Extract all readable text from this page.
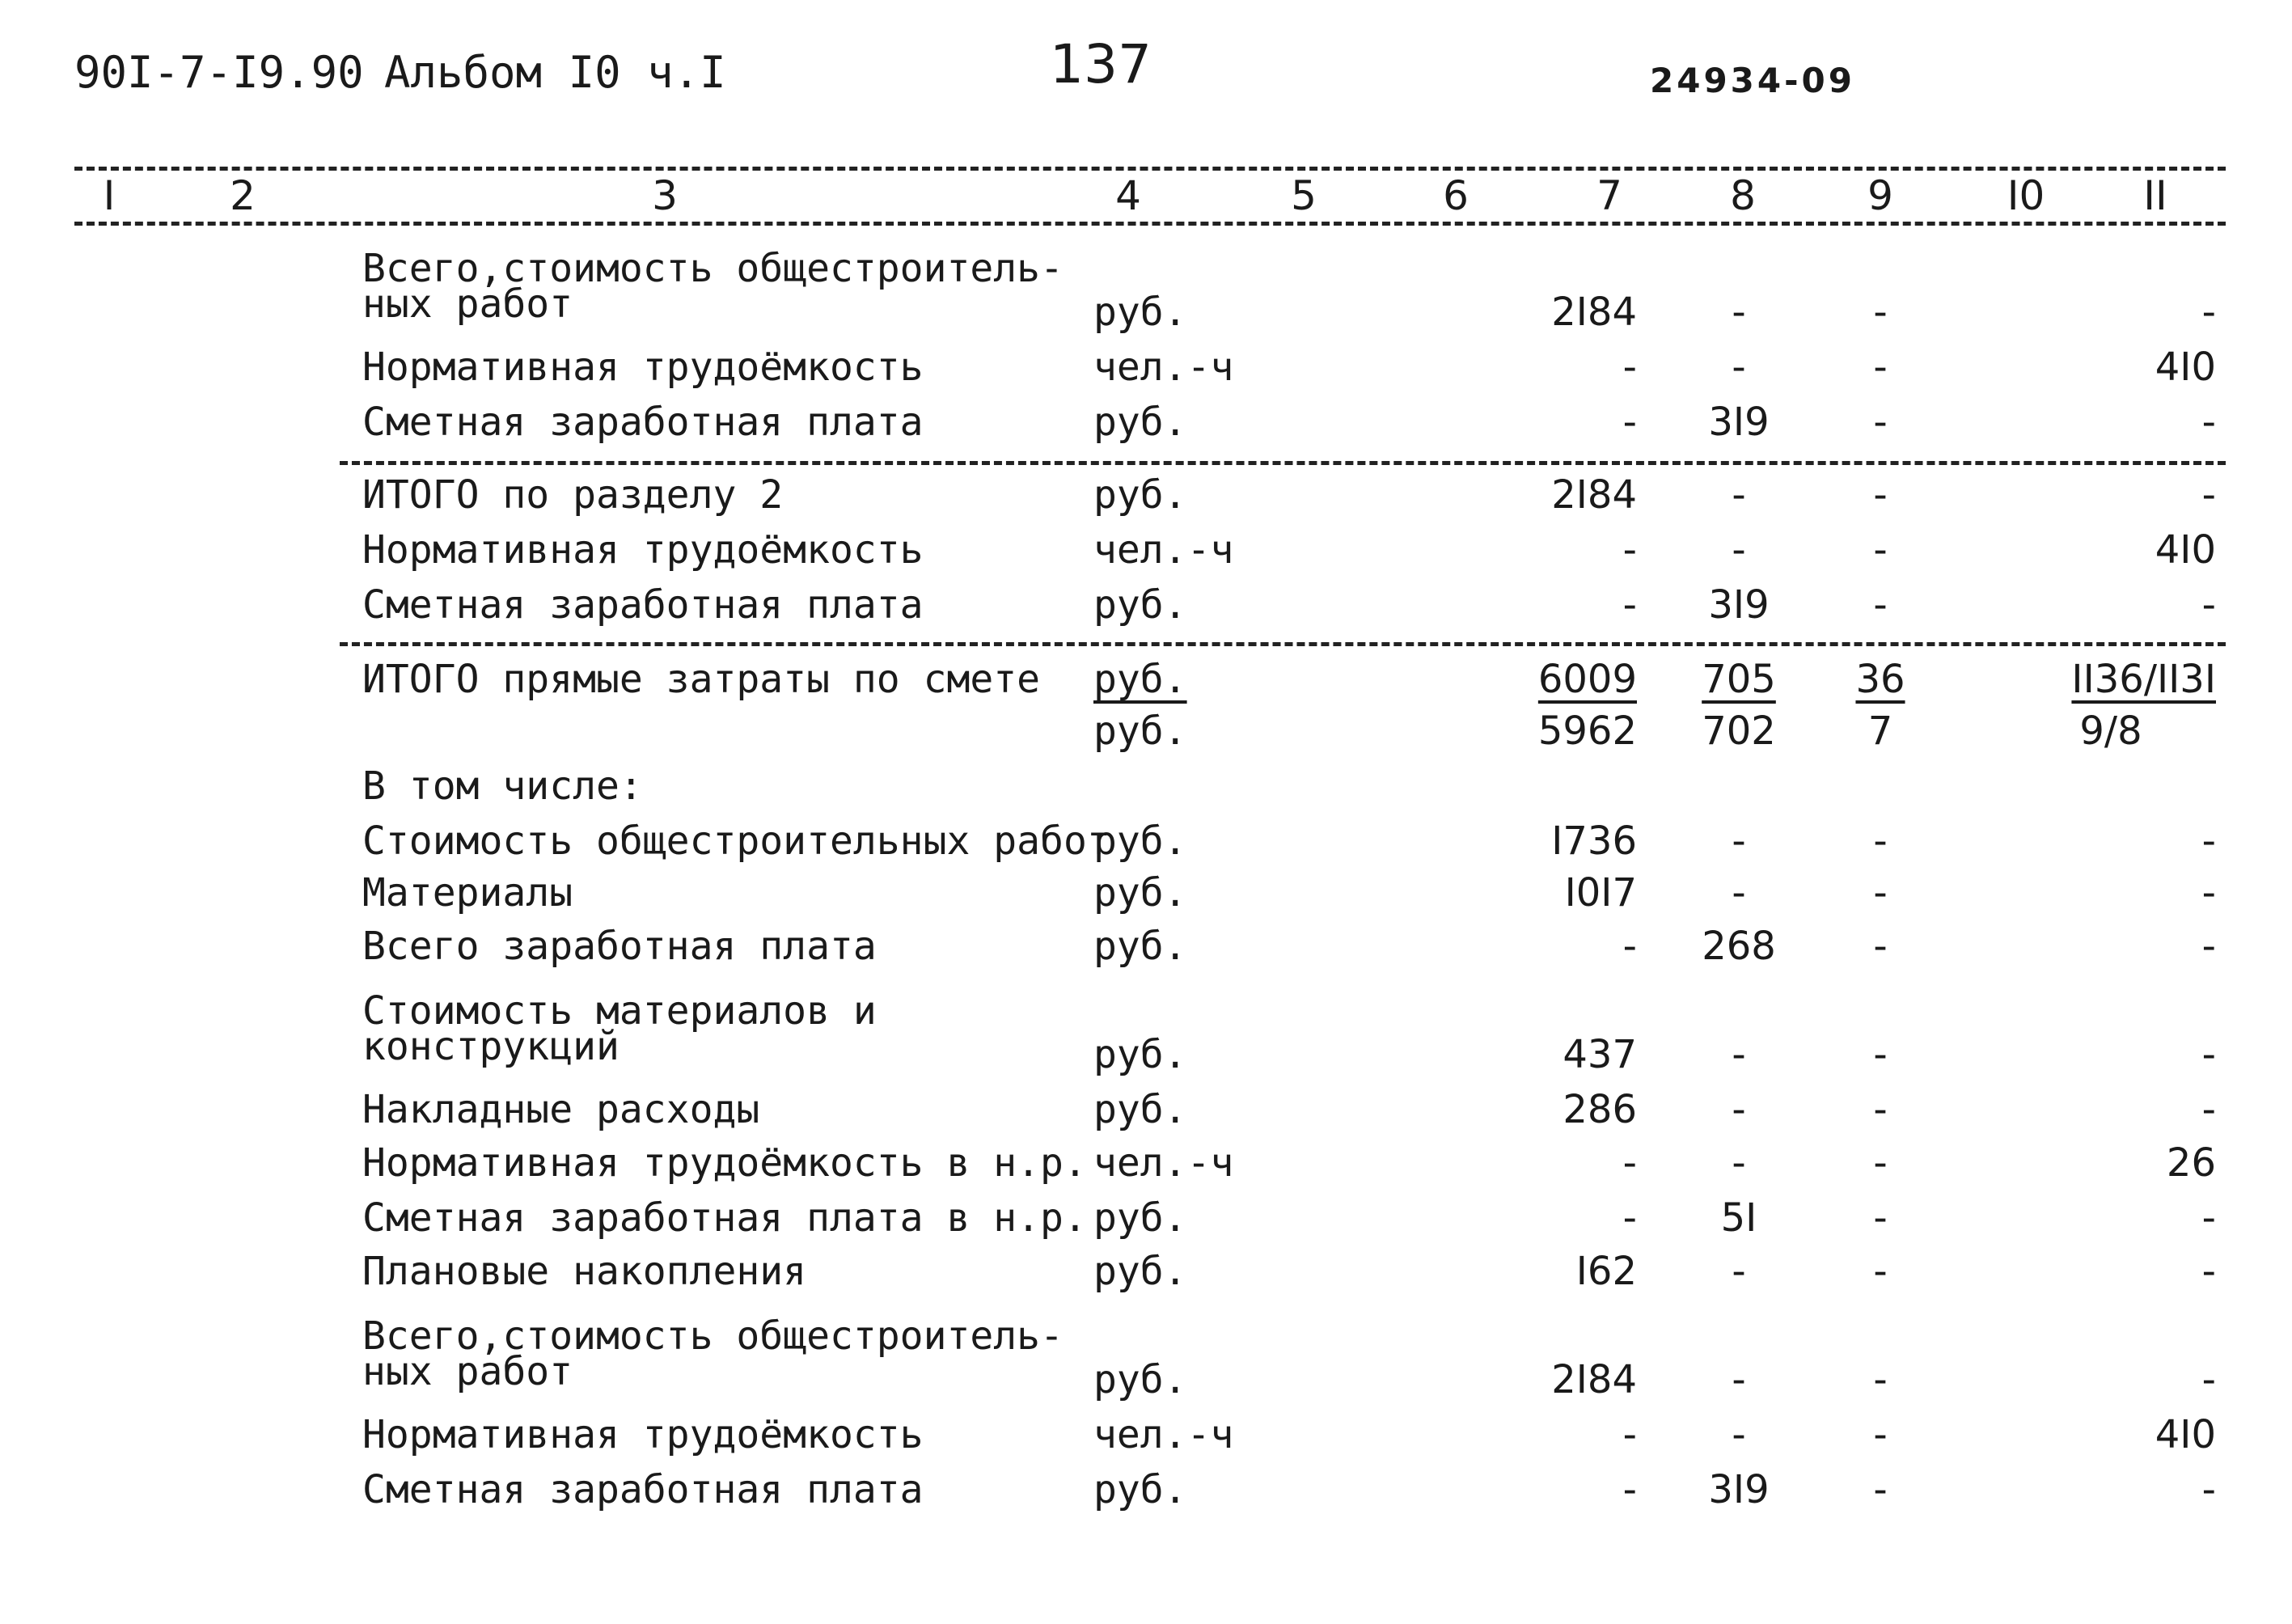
90I-7-I9.90 Альбом I0 ч.I	137	24934-09
I	2	3	4	5	6	7	8	9	I0	II
Всего,стоимость общестроитель-
ных работ	руб.	2I84	-	-	-
Нормативная трудоёмкость	чел.-ч	-	-	-	4I0
Сметная заработная плата	руб.	-	3I9	-	-
ИТОГО по разделу 2	руб.	2I84	-	-	-
Нормативная трудоёмкость	чел.-ч	-	-	-	4I0
Сметная заработная плата	руб.	-	3I9	-	-
ИТОГО прямые затраты по смете руб.	6009	705	36	II36/II3I
руб.	5962	702	7	9/8
В том числе:
Стоимость общестроительных работ
руб.	I736	-	-	-
Материалы	руб.	I0I7	-	-	-
Всего заработная плата	руб.	-	268	-	-
Стоимость материалов и
конструкций	руб.	437	-	-	-
Накладные расходы	руб.	286	-	-	-
Нормативная трудоёмкость в н.р. чел.-ч	-	-	-	26
Сметная заработная плата в н.р. руб.	-	5I	-	-
Плановые накопления	руб.	I62	-	-	-
Всего,стоимость общестроитель-
ных работ	руб.	2I84	-	-	-
Нормативная трудоёмкость	чел.-ч	-	-	-	4I0
Сметная заработная плата	руб.	-	3I9	-	-
